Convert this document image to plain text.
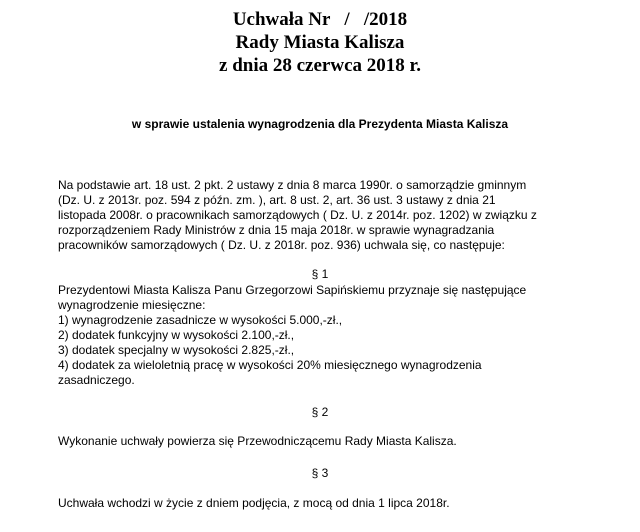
Uchwała Nr   /   /2018
Rady Miasta Kalisza
z dnia 28 czerwca 2018 r.
w sprawie ustalenia wynagrodzenia dla Prezydenta Miasta Kalisza
Na podstawie art. 18 ust. 2 pkt. 2 ustawy z dnia 8 marca 1990r. o samorządzie gminnym
(Dz. U. z 2013r. poz. 594 z późn. zm. ), art. 8 ust. 2, art. 36 ust. 3 ustawy z dnia 21
listopada 2008r. o pracownikach samorządowych ( Dz. U. z 2014r. poz. 1202) w związku z
rozporządzeniem Rady Ministrów z dnia 15 maja 2018r. w sprawie wynagradzania
pracowników samorządowych ( Dz. U. z 2018r. poz. 936) uchwala się, co następuje:
§ 1
Prezydentowi Miasta Kalisza Panu Grzegorzowi Sapińskiemu przyznaje się następujące
wynagrodzenie miesięczne:
1) wynagrodzenie zasadnicze w wysokości 5.000,-zł.,
2) dodatek funkcyjny w wysokości 2.100,-zł.,
3) dodatek specjalny w wysokości 2.825,-zł.,
4) dodatek za wieloletnią pracę w wysokości 20% miesięcznego wynagrodzenia
zasadniczego.
§ 2
Wykonanie uchwały powierza się Przewodniczącemu Rady Miasta Kalisza.
§ 3
Uchwała wchodzi w życie z dniem podjęcia, z mocą od dnia 1 lipca 2018r.
